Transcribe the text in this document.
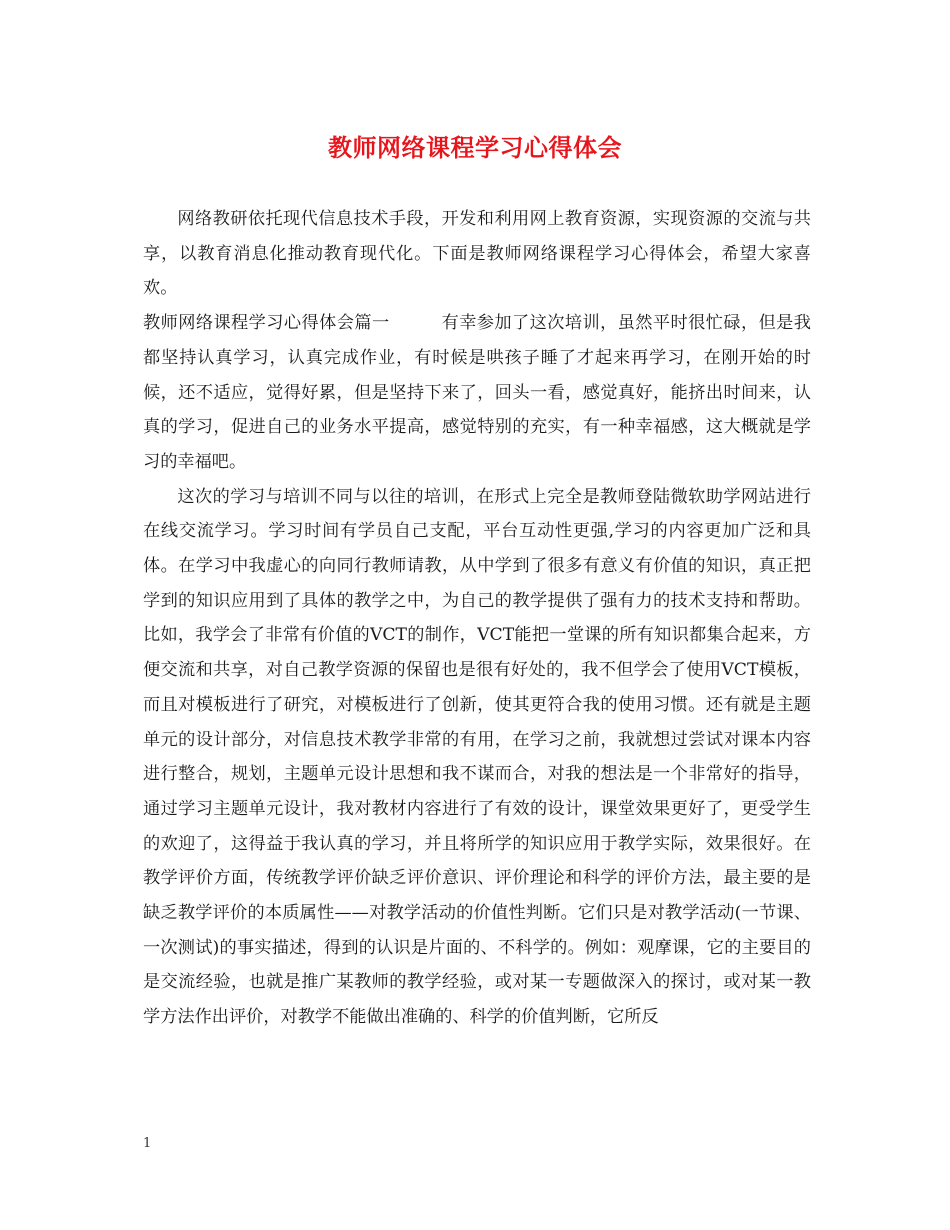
教师网络课程学习心得体会

网络教研依托现代信息技术手段，开发和利用网上教育资源，实现资源的交流与共享，以教育消息化推动教育现代化。下面是教师网络课程学习心得体会，希望大家喜欢。

教师网络课程学习心得体会篇一	有幸参加了这次培训，虽然平时很忙碌，但是我都坚持认真学习，认真完成作业，有时候是哄孩子睡了才起来再学习，在刚开始的时候，还不适应，觉得好累，但是坚持下来了，回头一看，感觉真好，能挤出时间来，认真的学习，促进自己的业务水平提高，感觉特别的充实，有一种幸福感，这大概就是学习的幸福吧。

这次的学习与培训不同与以往的培训，在形式上完全是教师登陆微软助学网站进行在线交流学习。学习时间有学员自己支配，平台互动性更强,学习的内容更加广泛和具体。在学习中我虚心的向同行教师请教，从中学到了很多有意义有价值的知识，真正把学到的知识应用到了具体的教学之中，为自己的教学提供了强有力的技术支持和帮助。比如，我学会了非常有价值的VCT的制作，VCT能把一堂课的所有知识都集合起来，方便交流和共享，对自己教学资源的保留也是很有好处的，我不但学会了使用VCT模板，而且对模板进行了研究，对模板进行了创新，使其更符合我的使用习惯。还有就是主题单元的设计部分，对信息技术教学非常的有用，在学习之前，我就想过尝试对课本内容进行整合，规划，主题单元设计思想和我不谋而合，对我的想法是一个非常好的指导，通过学习主题单元设计，我对教材内容进行了有效的设计，课堂效果更好了，更受学生的欢迎了，这得益于我认真的学习，并且将所学的知识应用于教学实际，效果很好。在教学评价方面，传统教学评价缺乏评价意识、评价理论和科学的评价方法，最主要的是缺乏教学评价的本质属性——对教学活动的价值性判断。它们只是对教学活动(一节课、一次测试)的事实描述，得到的认识是片面的、不科学的。例如：观摩课，它的主要目的是交流经验，也就是推广某教师的教学经验，或对某一专题做深入的探讨，或对某一教学方法作出评价，对教学不能做出准确的、科学的价值判断，它所反

1
